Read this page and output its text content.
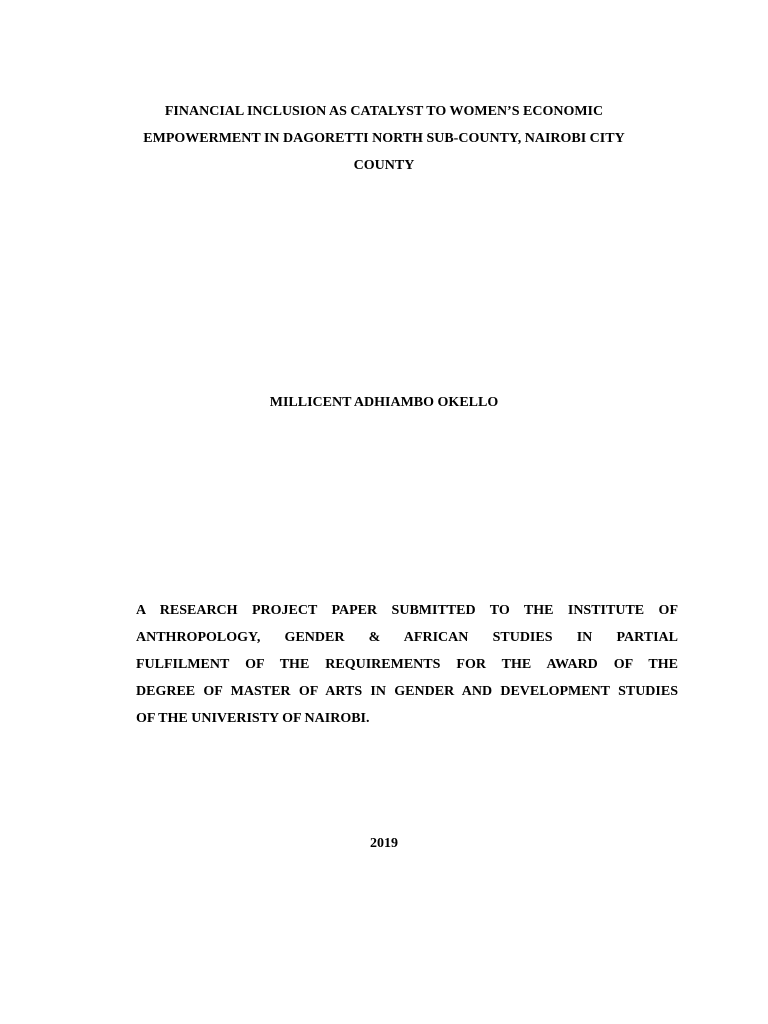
FINANCIAL INCLUSION AS CATALYST TO WOMEN’S ECONOMIC
EMPOWERMENT IN DAGORETTI NORTH SUB-COUNTY, NAIROBI CITY
COUNTY
MILLICENT ADHIAMBO OKELLO
A RESEARCH PROJECT PAPER SUBMITTED TO THE INSTITUTE OF
ANTHROPOLOGY, GENDER & AFRICAN STUDIES IN PARTIAL
FULFILMENT OF THE REQUIREMENTS FOR THE AWARD OF THE
DEGREE OF MASTER OF ARTS IN GENDER AND DEVELOPMENT STUDIES
OF THE UNIVERISTY OF NAIROBI.
2019
